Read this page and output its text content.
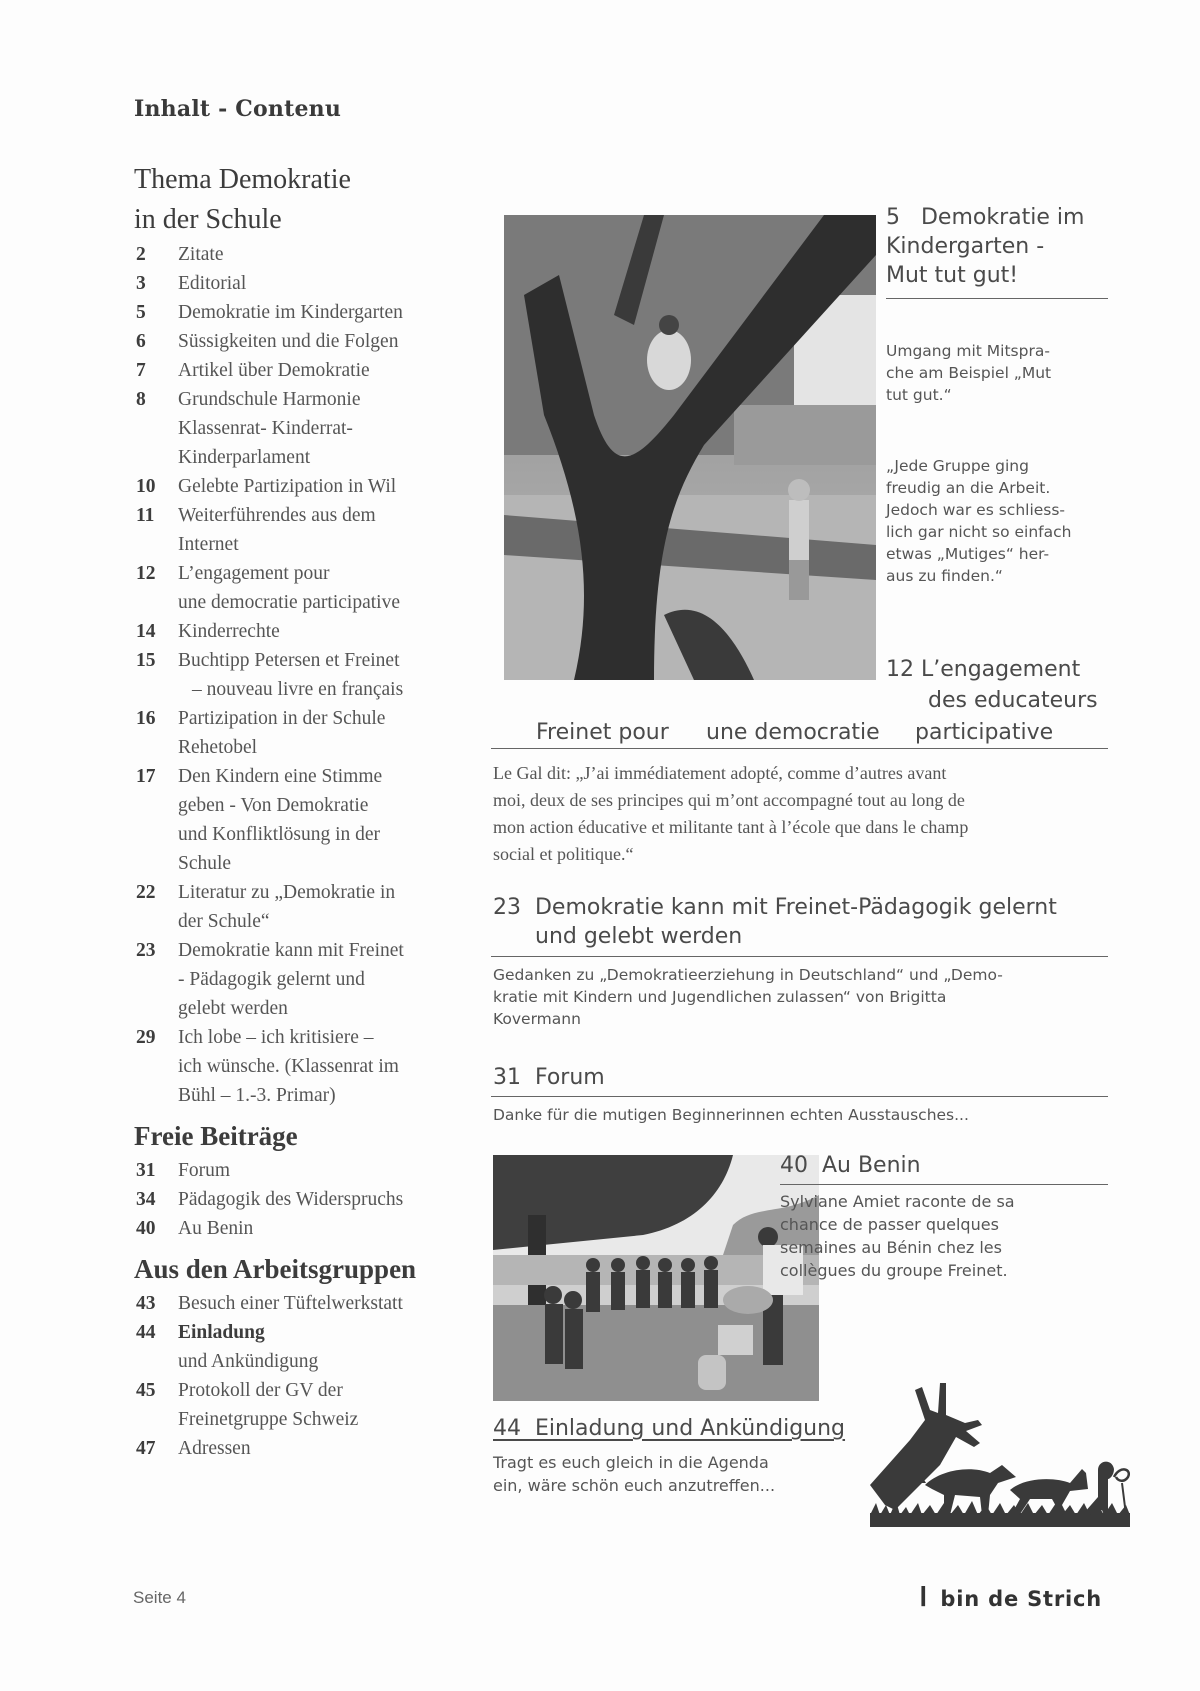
Inhalt - Contenu
Thema Demokratie
in der Schule
2	Zitate
3	Editorial
5	Demokratie im Kindergarten
6	Süssigkeiten und die Folgen
7	Artikel über Demokratie
8	Grundschule Harmonie
Klassenrat- Kinderrat-
Kinderparlament
10	Gelebte Partizipation in Wil
11	Weiterführendes aus dem
Internet
12	L’engagement pour
une democratie participative
14	Kinderrechte
15	Buchtipp Petersen et Freinet
– nouveau livre en français
16	Partizipation in der Schule
Rehetobel
17	Den Kindern eine Stimme
geben - Von Demokratie
und Konfliktlösung in der
Schule
22	Literatur zu „Demokratie in
der Schule“
23	Demokratie kann mit Freinet
- Pädagogik gelernt und
gelebt werden
29	Ich lobe – ich kritisiere –
ich wünsche. (Klassenrat im
Bühl – 1.-3. Primar)
Freie Beiträge
31	Forum
34	Pädagogik des Widerspruchs
40	Au Benin
Aus den Arbeitsgruppen
43	Besuch einer Tüftelwerkstatt
44	Einladung
und Ankündigung
45	Protokoll der GV der
Freinetgruppe Schweiz
47	Adressen
5   Demokratie im
Kindergarten -
Mut tut gut!
Umgang mit Mitspra-
che am Beispiel „Mut
tut gut.“
„Jede Gruppe ging
freudig an die Arbeit.
Jedoch war es schliess-
lich gar nicht so einfach
etwas „Mutiges“ her-
aus zu finden.“
12 L’engagement
des educateurs
Freinet pour une democratie participative
Le Gal dit: „J’ai immédiatement adopté, comme d’autres avant
moi, deux de ses principes qui m’ont accompagné tout au long de
mon action éducative et militante tant à l’école que dans le champ
social et politique.“
23  Demokratie kann mit Freinet-Pädagogik gelernt
und gelebt werden
Gedanken zu „Demokratieerziehung in Deutschland“ und „Demo-
kratie mit Kindern und Jugendlichen zulassen“ von Brigitta
Kovermann
31  Forum
Danke für die mutigen Beginnerinnen echten Ausstausches...
40  Au Benin
Sylviane Amiet raconte de sa
chance de passer quelques
semaines au Bénin chez les
collègues du groupe Freinet.
44  Einladung und Ankündigung
Tragt es euch gleich in die Agenda
ein, wäre schön euch anzutreffen...
Seite 4	I bin de Strich
